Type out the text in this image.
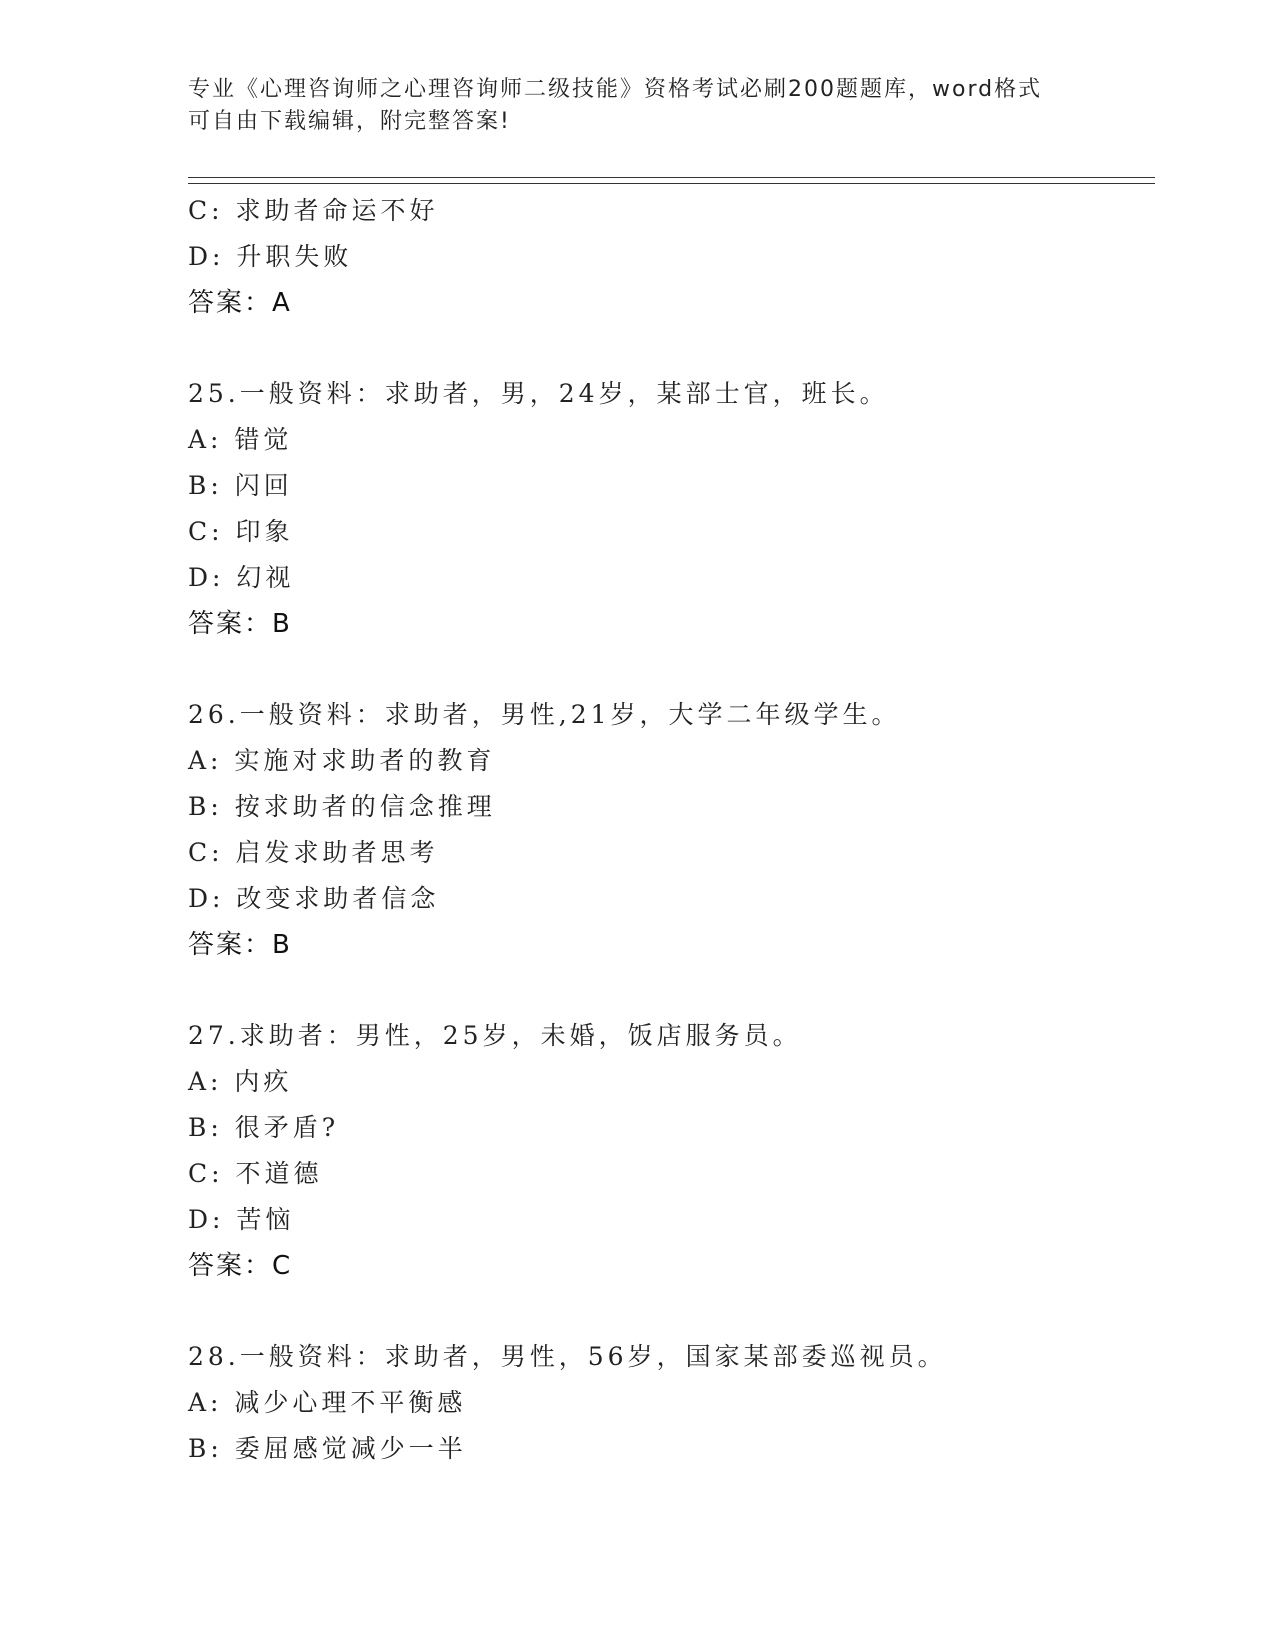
专业《心理咨询师之心理咨询师二级技能》资格考试必刷200题题库，word格式
可自由下载编辑，附完整答案!
C: 求助者命运不好
D: 升职失败
答案：A
25.一般资料：求助者，男，24岁，某部士官，班长。
A: 错觉
B: 闪回
C: 印象
D: 幻视
答案：B
26.一般资料：求助者，男性,21岁，大学二年级学生。
A: 实施对求助者的教育
B: 按求助者的信念推理
C: 启发求助者思考
D: 改变求助者信念
答案：B
27.求助者：男性，25岁，未婚，饭店服务员。
A: 内疚
B: 很矛盾?
C: 不道德
D: 苦恼
答案：C
28.一般资料：求助者，男性，56岁，国家某部委巡视员。
A: 减少心理不平衡感
B: 委屈感觉减少一半
